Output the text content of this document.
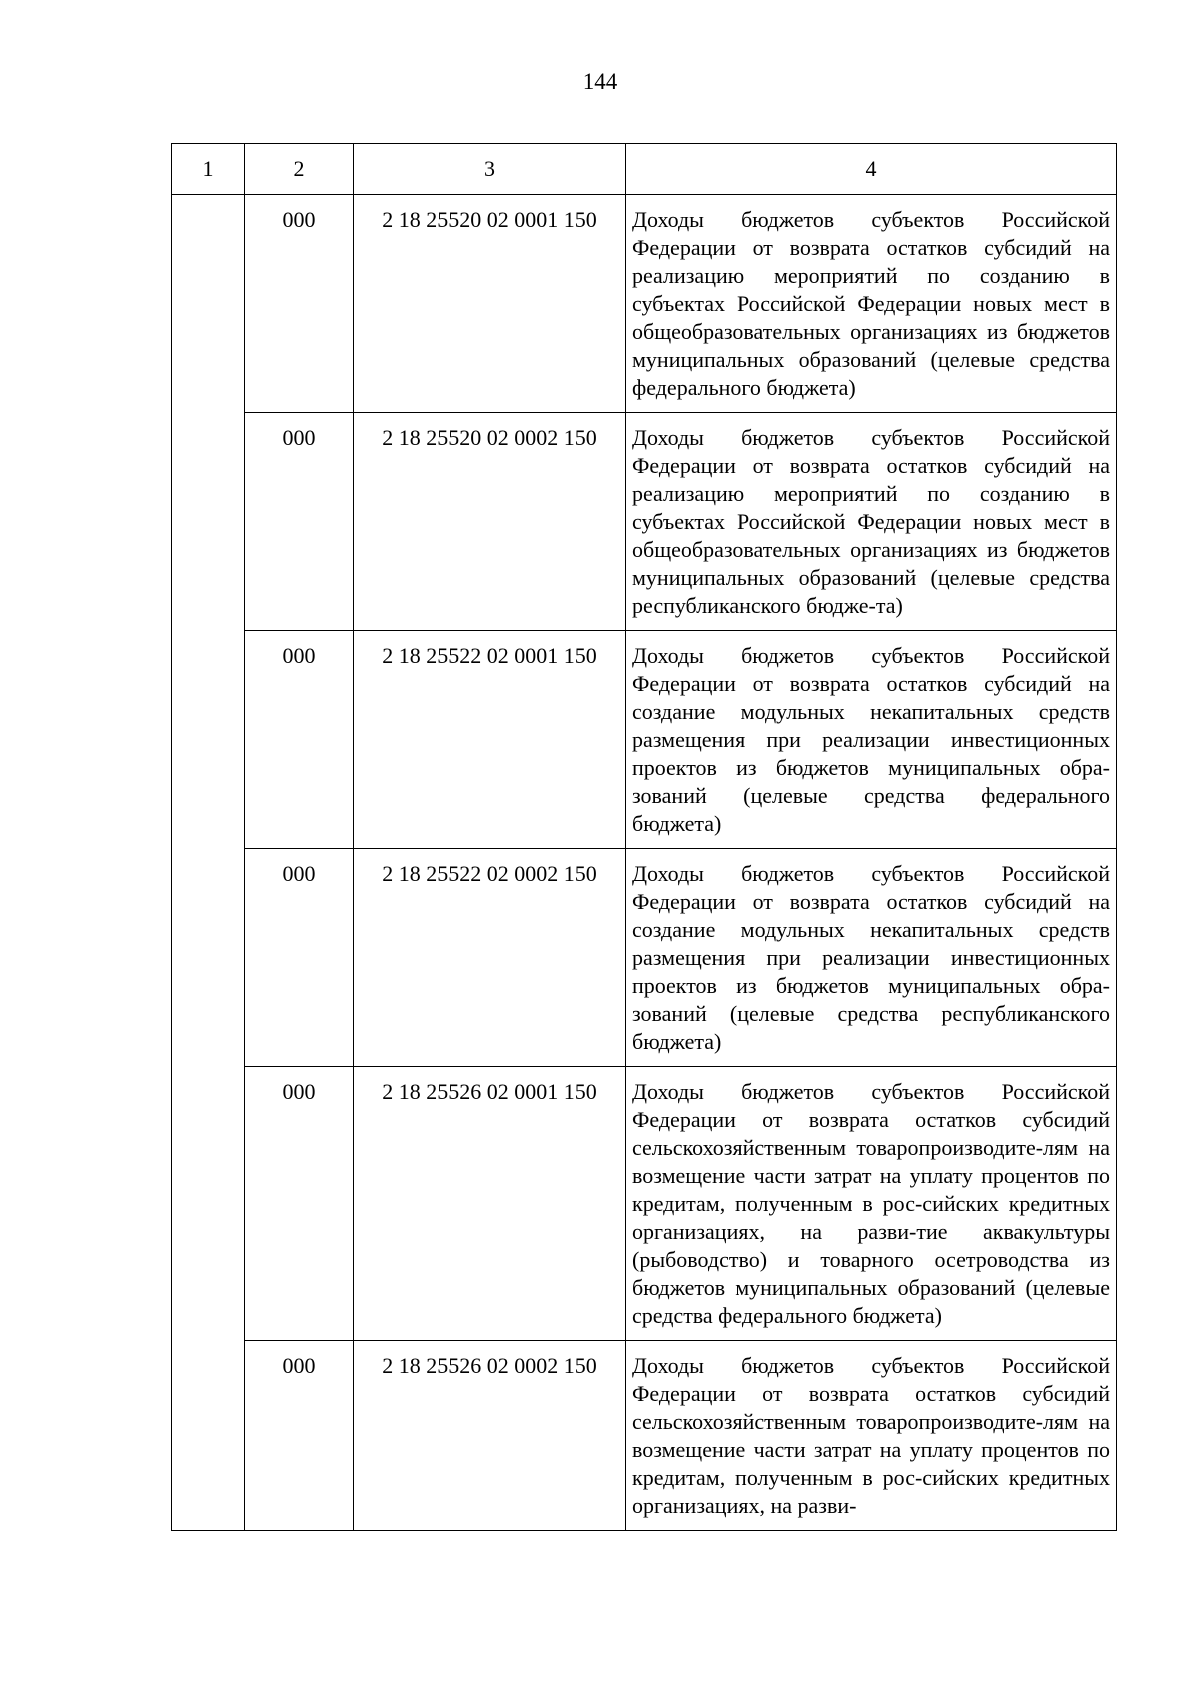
144
1	2	3	4
	000	2 18 25520 02 0001 150	Доходы бюджетов субъектов Российской Федерации от возврата остатков субсидий на реализацию мероприятий по созданию в субъектах Российской Федерации новых мест в общеобразовательных организациях из бюджетов муниципальных образований (целевые средства федерального бюджета)

	000	2 18 25520 02 0002 150	Доходы бюджетов субъектов Российской Федерации от возврата остатков субсидий на реализацию мероприятий по созданию в субъектах Российской Федерации новых мест в общеобразовательных организациях из бюджетов муниципальных образований (целевые средства республиканского бюдже-та)

	000	2 18 25522 02 0001 150	Доходы бюджетов субъектов Российской Федерации от возврата остатков субсидий на создание модульных некапитальных средств размещения при реализации инвестиционных проектов из бюджетов муниципальных обра-зований (целевые средства федерального бюджета)

	000	2 18 25522 02 0002 150	Доходы бюджетов субъектов Российской Федерации от возврата остатков субсидий на создание модульных некапитальных средств размещения при реализации инвестиционных проектов из бюджетов муниципальных обра-зований (целевые средства республиканского бюджета)

	000	2 18 25526 02 0001 150	Доходы бюджетов субъектов Российской Федерации от возврата остатков субсидий сельскохозяйственным товаропроизводите-лям на возмещение части затрат на уплату процентов по кредитам, полученным в рос-сийских кредитных организациях, на разви-тие аквакультуры (рыбоводство) и товарного осетроводства из бюджетов муниципальных образований (целевые средства федерального бюджета)

	000	2 18 25526 02 0002 150	Доходы бюджетов субъектов Российской Федерации от возврата остатков субсидий сельскохозяйственным товаропроизводите-лям на возмещение части затрат на уплату процентов по кредитам, полученным в рос-сийских кредитных организациях, на разви-
